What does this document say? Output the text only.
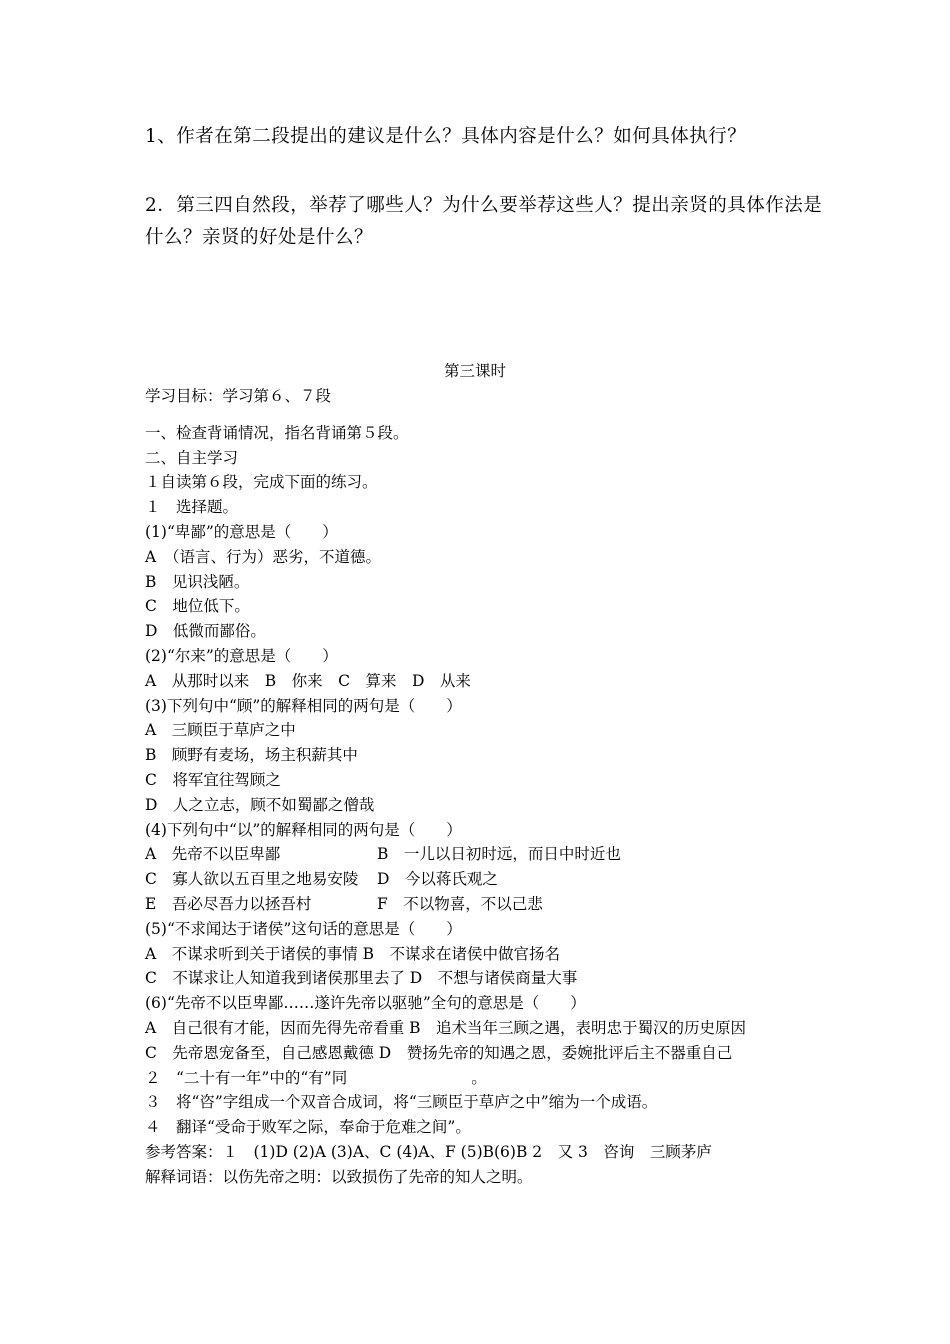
1、作者在第二段提出的建议是什么？具体内容是什么？如何具体执行？
2．第三四自然段，举荐了哪些人？为什么要举荐这些人？提出亲贤的具体作法是什么？亲贤的好处是什么？
第三课时
学习目标：学习第６、７段
一、检查背诵情况，指名背诵第５段。
二、自主学习
１自读第６段，完成下面的练习。
１　选择题。
(1)“卑鄙”的意思是（　　）
A　（语言、行为）恶劣，不道德。
B　见识浅陋。
C　地位低下。
D　低微而鄙俗。
(2)“尔来”的意思是（　　）
A　从那时以来　B　你来　C　算来　D　从来
(3)下列句中“顾”的解释相同的两句是（　　）
A　三顾臣于草庐之中
B　顾野有麦场，场主积薪其中
C　将军宜往驾顾之
D　人之立志，顾不如蜀鄙之僧哉
(4)下列句中“以”的解释相同的两句是（　　）
A　先帝不以臣卑鄙	B　一儿以日初时远，而日中时近也
C　寡人欲以五百里之地易安陵 D　今以蒋氏观之
E　吾必尽吾力以拯吾村	F　不以物喜，不以己悲
(5)“不求闻达于诸侯”这句话的意思是（　　）
A　不谋求听到关于诸侯的事情 B　不谋求在诸侯中做官扬名
C　不谋求让人知道我到诸侯那里去了 D　不想与诸侯商量大事
(6)“先帝不以臣卑鄙……遂许先帝以驱驰”全句的意思是（　　）
A　自己很有才能，因而先得先帝看重 B　追术当年三顾之遇，表明忠于蜀汉的历史原因
C　先帝恩宠备至，自己感恩戴德 D　赞扬先帝的知遇之恩，委婉批评后主不器重自己
２　“二十有一年”中的“有”同　　　　　　　　。
３　将“咨”字组成一个双音合成词，将“三顾臣于草庐之中”缩为一个成语。
４　翻译“受命于败军之际，奉命于危难之间”。
参考答案：１　(1)D (2)A (3)A、C (4)A、F (5)B(6)B 2　又 3　咨询　三顾茅庐
解释词语：以伤先帝之明：以致损伤了先帝的知人之明。
